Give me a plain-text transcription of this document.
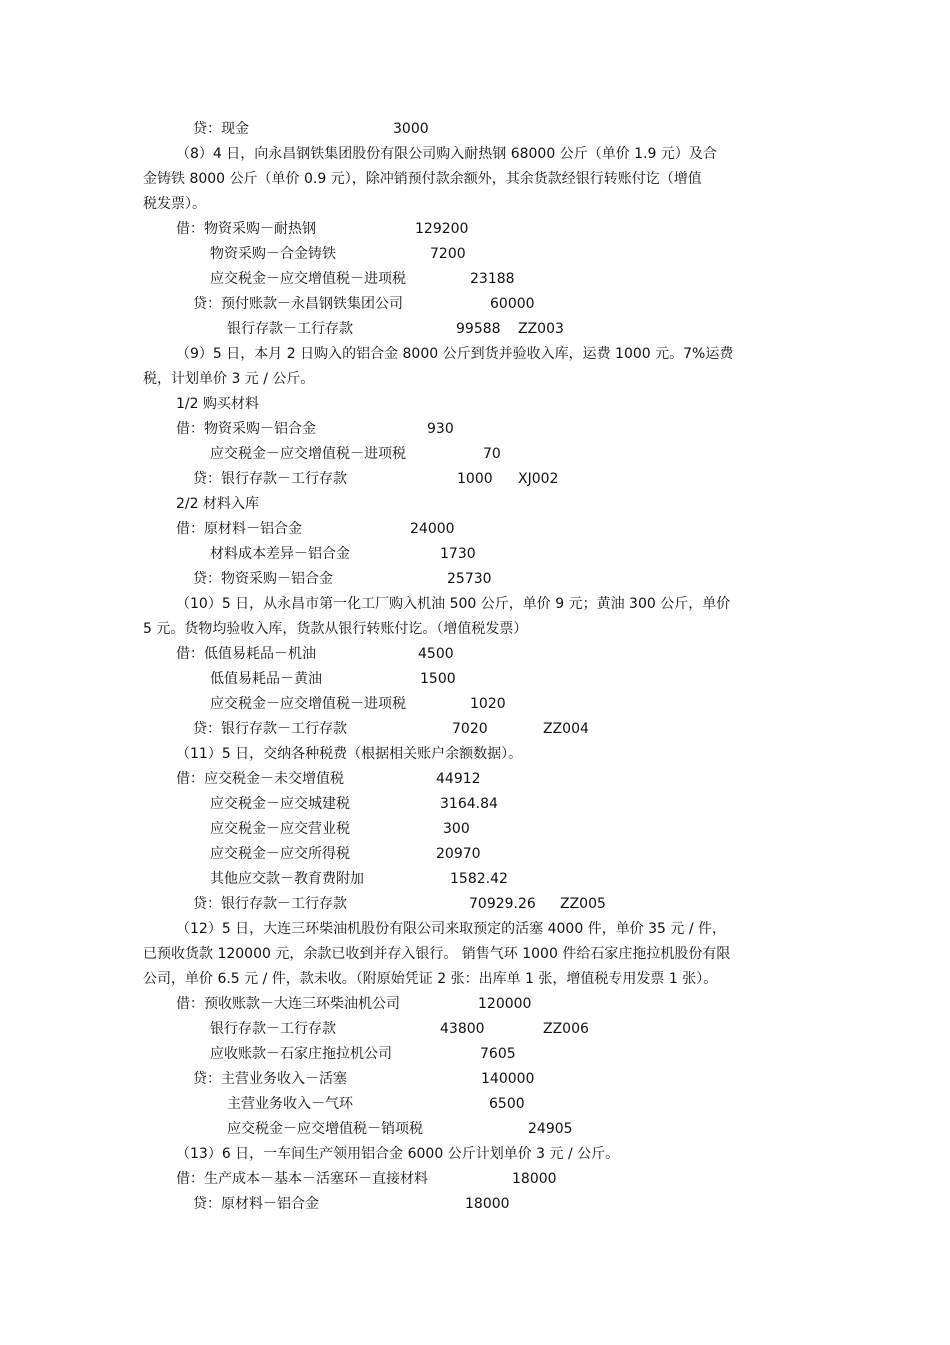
贷：现金	3000
（8）4 日，向永昌钢铁集团股份有限公司购入耐热钢 68000 公斤（单价 1.9 元）及合
金铸铁 8000 公斤（单价 0.9 元），除冲销预付款余额外，其余货款经银行转账付讫（增值
税发票）。
借：物资采购－耐热钢	129200
物资采购－合金铸铁	7200
应交税金－应交增值税－进项税	23188
贷：预付账款－永昌钢铁集团公司	60000
银行存款－工行存款	99588 ZZ003
（9）5 日，本月 2 日购入的铝合金 8000 公斤到货并验收入库，运费 1000 元。7%运费
税，计划单价 3 元 / 公斤。
1/2 购买材料
借：物资采购－铝合金	930
应交税金－应交增值税－进项税	70
贷：银行存款－工行存款	1000 XJ002
2/2 材料入库
借：原材料－铝合金	24000
材料成本差异－铝合金	1730
贷：物资采购－铝合金	25730
（10）5 日，从永昌市第一化工厂购入机油 500 公斤，单价 9 元；黄油 300 公斤，单价
5 元。货物均验收入库，货款从银行转账付讫。（增值税发票）
借：低值易耗品－机油	4500
低值易耗品－黄油	1500
应交税金－应交增值税－进项税	1020
贷：银行存款－工行存款	7020	ZZ004
（11）5 日，交纳各种税费（根据相关账户余额数据）。
借：应交税金－未交增值税	44912
应交税金－应交城建税	3164.84
应交税金－应交营业税	300
应交税金－应交所得税	20970
其他应交款－教育费附加	1582.42
贷：银行存款－工行存款	70929.26 ZZ005
（12）5 日，大连三环柴油机股份有限公司来取预定的活塞 4000 件，单价 35 元 / 件，
已预收货款 120000 元，余款已收到并存入银行。 销售气环 1000 件给石家庄拖拉机股份有限
公司，单价 6.5 元 / 件，款未收。（附原始凭证 2 张：出库单 1 张，增值税专用发票 1 张）。
借：预收账款－大连三环柴油机公司	120000
银行存款－工行存款	43800	ZZ006
应收账款－石家庄拖拉机公司	7605
贷：主营业务收入－活塞	140000
主营业务收入－气环	6500
应交税金－应交增值税－销项税	24905
（13）6 日，一车间生产领用铝合金 6000 公斤计划单价 3 元 / 公斤。
借：生产成本－基本－活塞环－直接材料	18000
贷：原材料－铝合金	18000
